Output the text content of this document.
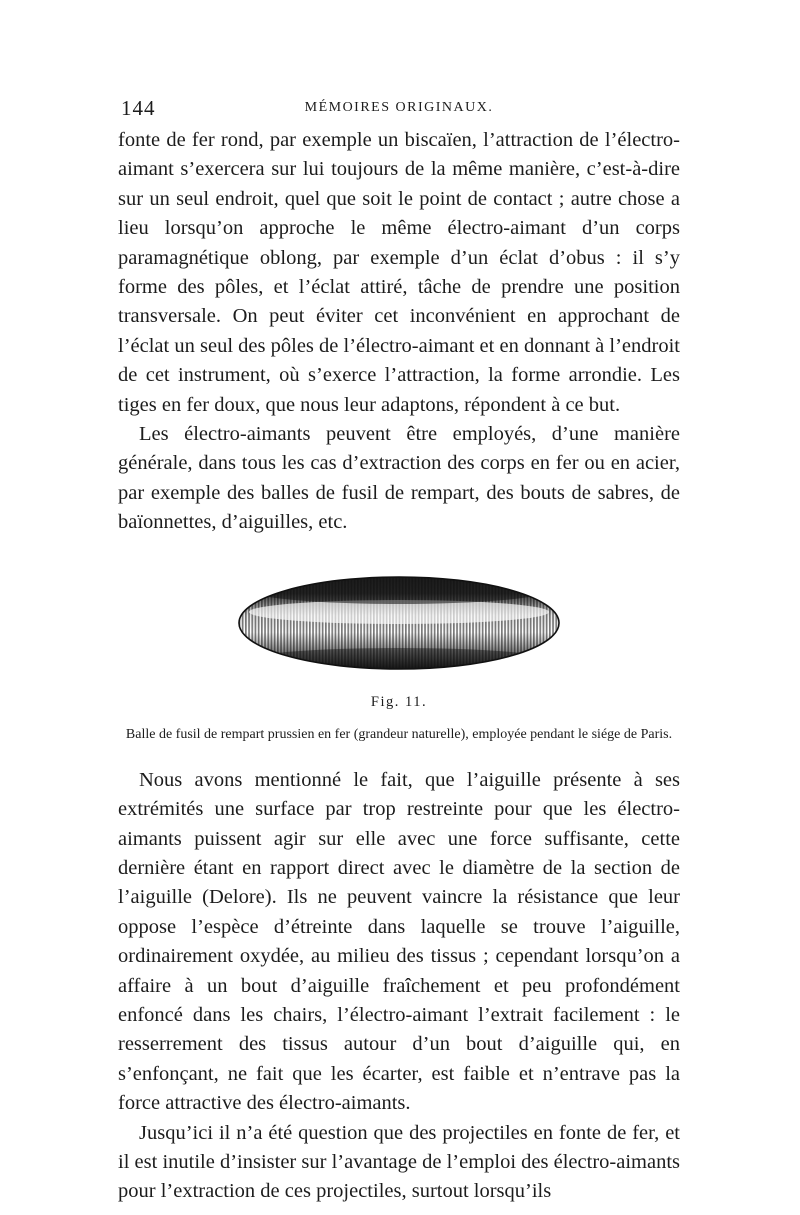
144	MÉMOIRES ORIGINAUX.

fonte de fer rond, par exemple un biscaïen, l’attraction de l’électro-aimant s’exercera sur lui toujours de la même manière, c’est-à-dire sur un seul endroit, quel que soit le point de contact ; autre chose a lieu lorsqu’on approche le même électro-aimant d’un corps paramagnétique oblong, par exemple d’un éclat d’obus : il s’y forme des pôles, et l’éclat attiré, tâche de prendre une position transversale. On peut éviter cet inconvénient en approchant de l’éclat un seul des pôles de l’électro-aimant et en donnant à l’endroit de cet instrument, où s’exerce l’attraction, la forme arrondie. Les tiges en fer doux, que nous leur adaptons, répondent à ce but.

Les électro-aimants peuvent être employés, d’une manière générale, dans tous les cas d’extraction des corps en fer ou en acier, par exemple des balles de fusil de rempart, des bouts de sabres, de baïonnettes, d’aiguilles, etc.

Fig. 11.
Balle de fusil de rempart prussien en fer (grandeur naturelle), employée pendant le siége de Paris.

Nous avons mentionné le fait, que l’aiguille présente à ses extrémités une surface par trop restreinte pour que les électro-aimants puissent agir sur elle avec une force suffisante, cette dernière étant en rapport direct avec le diamètre de la section de l’aiguille (Delore). Ils ne peuvent vaincre la résistance que leur oppose l’espèce d’étreinte dans laquelle se trouve l’aiguille, ordinairement oxydée, au milieu des tissus ; cependant lorsqu’on a affaire à un bout d’aiguille fraîchement et peu profondément enfoncé dans les chairs, l’électro-aimant l’extrait facilement : le resserrement des tissus autour d’un bout d’aiguille qui, en s’enfonçant, ne fait que les écarter, est faible et n’entrave pas la force attractive des électro-aimants.

Jusqu’ici il n’a été question que des projectiles en fonte de fer, et il est inutile d’insister sur l’avantage de l’emploi des électro-aimants pour l’extraction de ces projectiles, surtout lorsqu’ils
